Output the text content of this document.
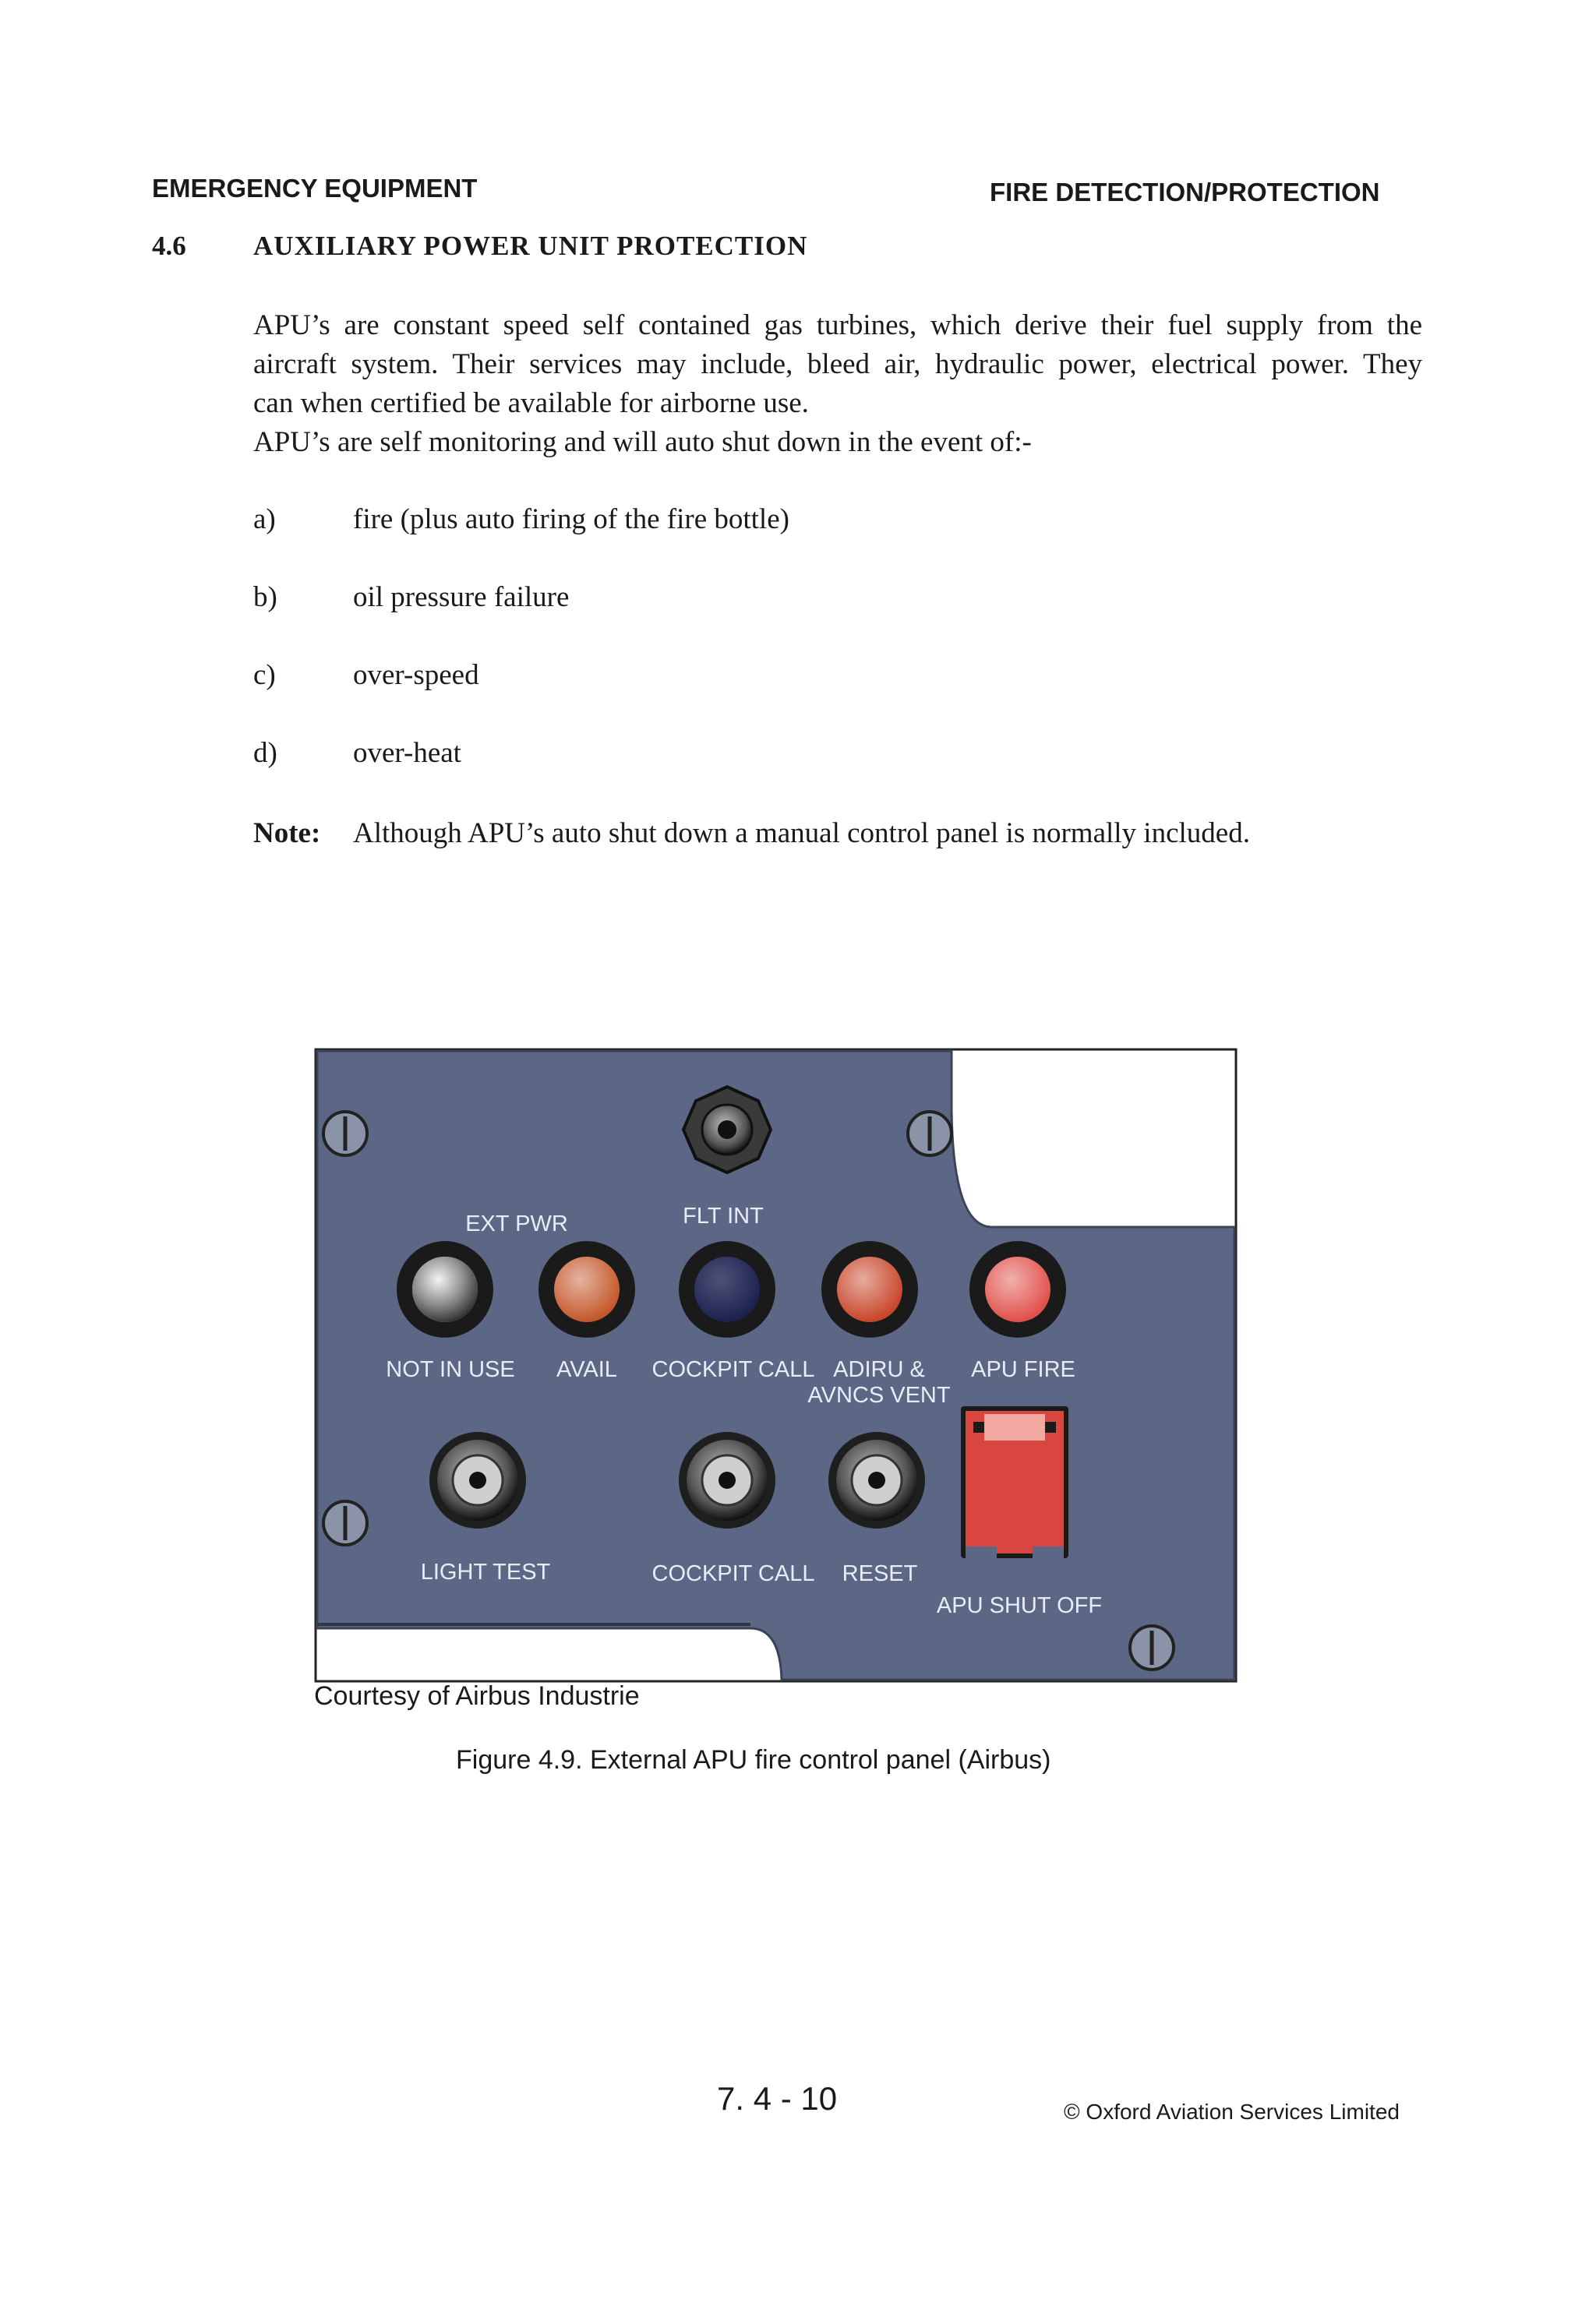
EMERGENCY EQUIPMENT	FIRE DETECTION/PROTECTION
4.6 AUXILIARY POWER UNIT PROTECTION
APU’s are constant speed self contained gas turbines, which derive their fuel supply from the
aircraft system. Their services may include, bleed air, hydraulic power, electrical power. They
can when certified be available for airborne use.
APU’s are self monitoring and will auto shut down in the event of:-
a)	fire (plus auto firing of the fire bottle)
b)	oil pressure failure
c)	over-speed
d)	over-heat
Note: Although APU’s auto shut down a manual control panel is normally included.
EXT PWR	FLT INT
NOT IN USE AVAIL COCKPIT CALL ADIRU &
AVNCS VENT
APU FIRE
LIGHT TEST	COCKPIT CALL RESET
APU SHUT OFF
Courtesy of Airbus Industrie
Figure 4.9. External APU fire control panel (Airbus)
7. 4 - 10	© Oxford Aviation Services Limited
